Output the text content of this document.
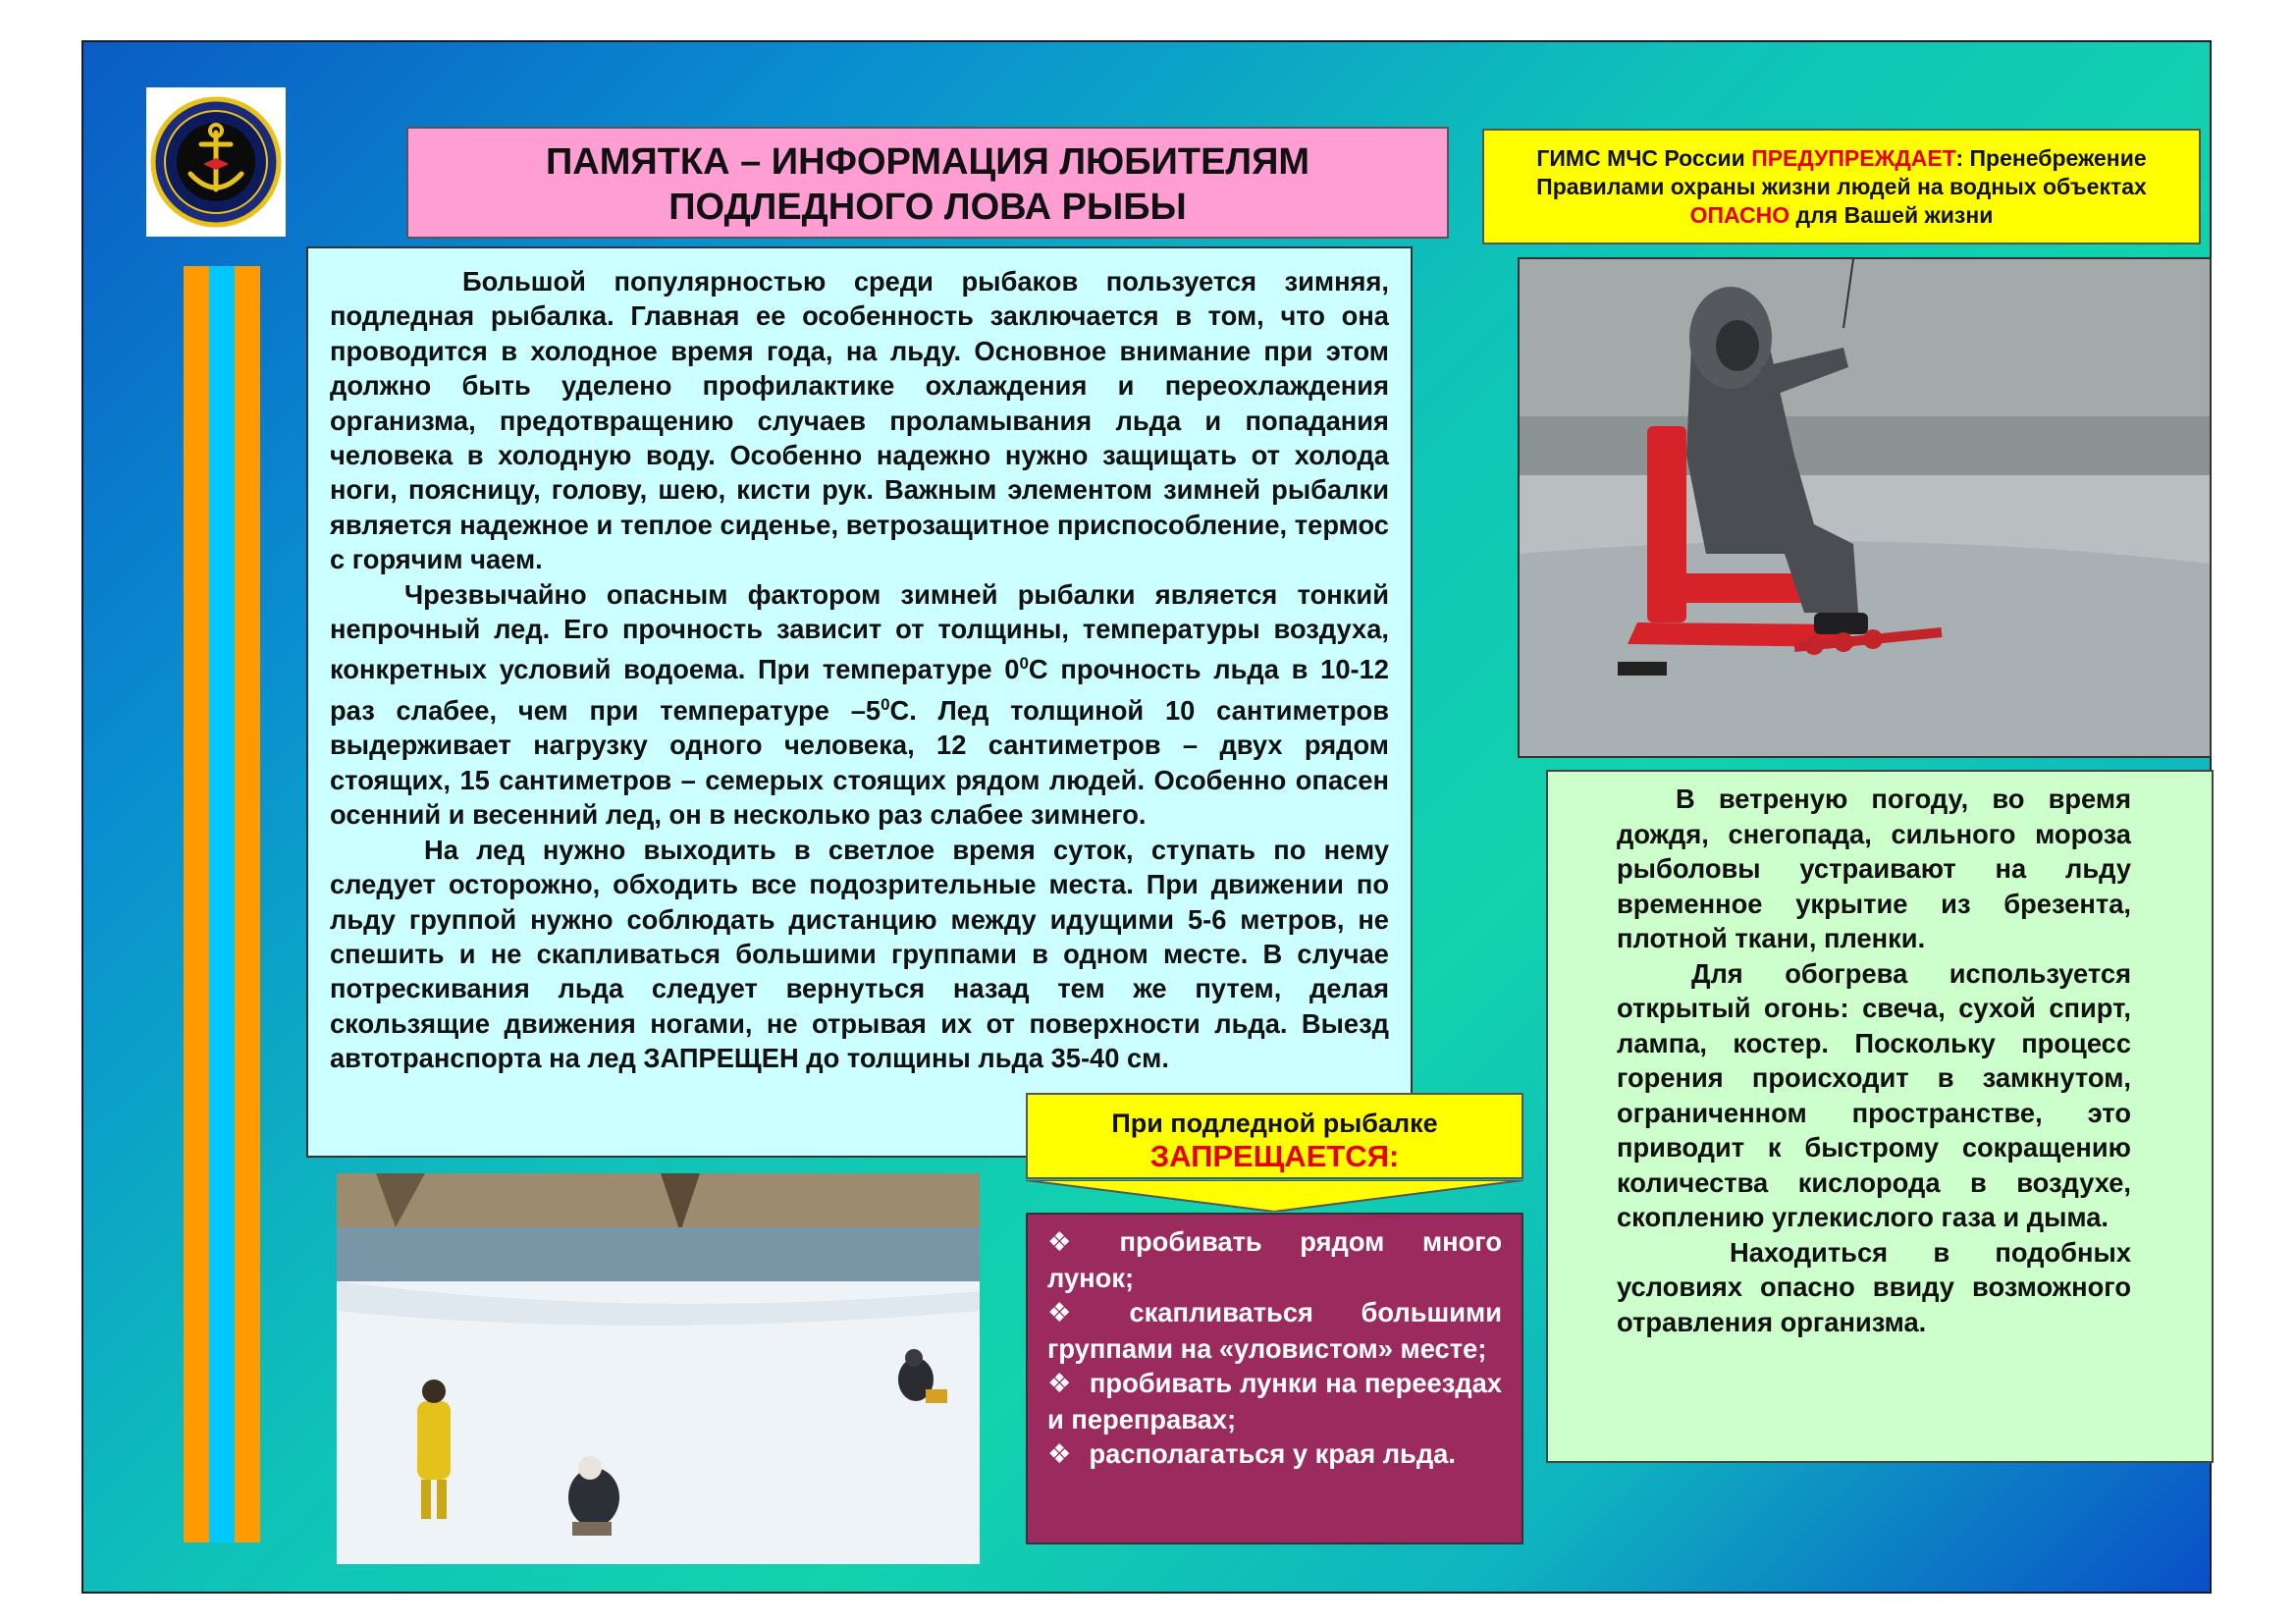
ПАМЯТКА – ИНФОРМАЦИЯ ЛЮБИТЕЛЯМ
ПОДЛЕДНОГО ЛОВА РЫБЫ
ГИМС МЧС России ПРЕДУПРЕЖДАЕТ: Пренебрежение
Правилами охраны жизни людей на водных объектах
ОПАСНО для Вашей жизни

Большой популярностью среди рыбаков пользуется зимняя, подледная рыбалка. Главная ее особенность заключается в том, что она проводится в холодное время года, на льду. Основное внимание при этом должно быть уделено профилактике охлаждения и переохлаждения организма, предотвращению случаев проламывания льда и попадания человека в холодную воду. Особенно надежно нужно защищать от холода ноги, поясницу, голову, шею, кисти рук. Важным элементом зимней рыбалки является надежное и теплое сиденье, ветрозащитное приспособление, термос с горячим чаем.

Чрезвычайно опасным фактором зимней рыбалки является тонкий непрочный лед. Его прочность зависит от толщины, температуры воздуха, конкретных условий водоема. При температуре $0^0С$ прочность льда в 10-12 раз слабее, чем при температуре $-5^0С$. Лед толщиной 10 сантиметров выдерживает нагрузку одного человека, 12 сантиметров – двух рядом стоящих, 15 сантиметров – семерых стоящих рядом людей. Особенно опасен осенний и весенний лед, он в несколько раз слабее зимнего.

На лед нужно выходить в светлое время суток, ступать по нему следует осторожно, обходить все подозрительные места. При движении по льду группой нужно соблюдать дистанцию между идущими 5-6 метров, не спешить и не скапливаться большими группами в одном месте. В случае потрескивания льда следует вернуться назад тем же путем, делая скользящие движения ногами, не отрывая их от поверхности льда. Выезд автотранспорта на лед ЗАПРЕЩЕН до толщины льда 35-40 см.

В ветреную погоду, во время дождя, снегопада, сильного мороза рыболовы устраивают на льду временное укрытие из брезента, плотной ткани, пленки.

Для обогрева используется открытый огонь: свеча, сухой спирт, лампа, костер. Поскольку процесс горения происходит в замкнутом, ограниченном пространстве, это приводит к быстрому сокращению количества кислорода в воздухе, скоплению углекислого газа и дыма.

Находиться в подобных условиях опасно ввиду возможного отравления организма.

При подледной рыбалке
ЗАПРЕЩАЕТСЯ:

❖ пробивать рядом много лунок;

❖ скапливаться большими группами на «уловистом» месте;

❖ пробивать лунки на переездах и переправах;

❖ располагаться у края льда.
